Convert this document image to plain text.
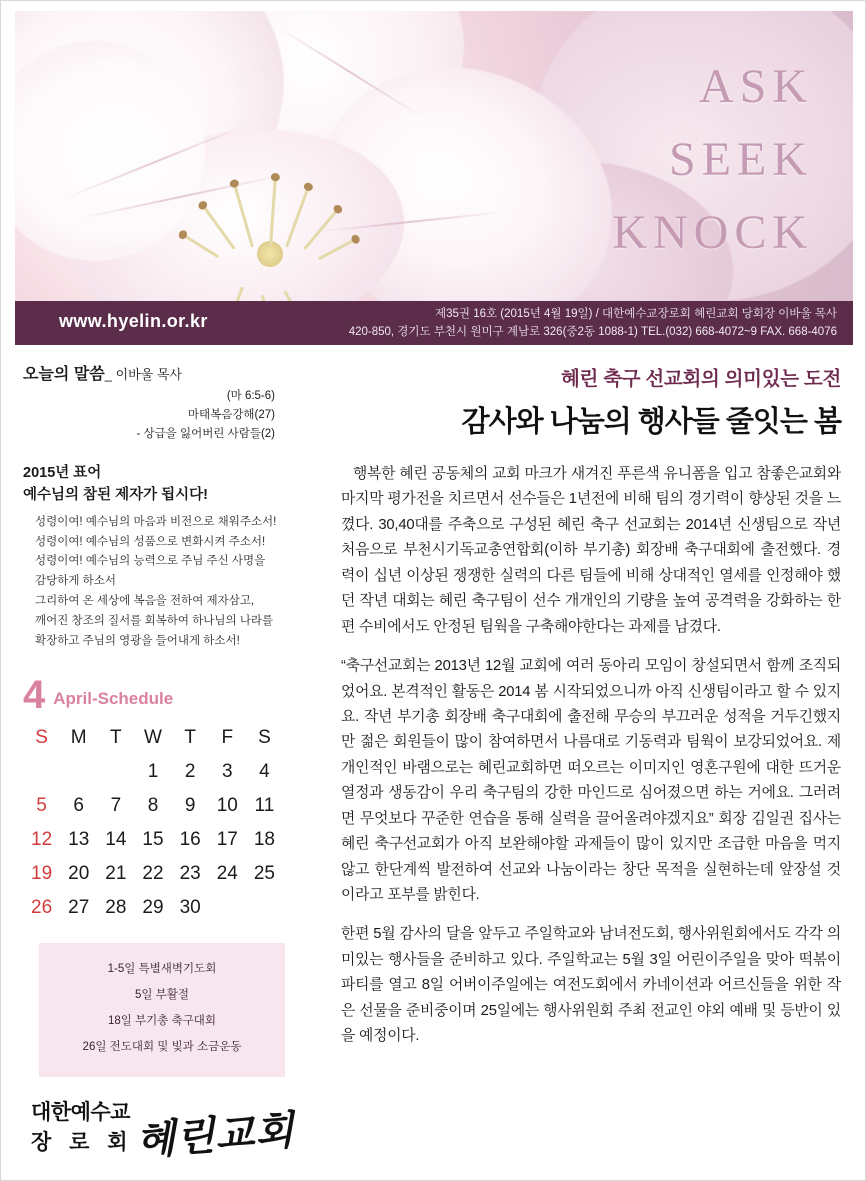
ASK
SEEK
KNOCK
www.hyelin.or.kr	제35권 16호 (2015년 4월 19일) / 대한예수교장로회 혜린교회 당회장 이바울 목사
420-850, 경기도 부천시 원미구 계남로 326(중2동 1088-1) TEL.(032) 668-4072~9 FAX. 668-4076
오늘의 말씀_ 이바울 목사
(마 6:5-6)
마태복음강해(27)
- 상급을 잃어버린 사람들(2)
2015년 표어
예수님의 참된 제자가 됩시다!
성령이여! 예수님의 마음과 비전으로 채워주소서!
성령이여! 예수님의 성품으로 변화시켜 주소서!
성령이여! 예수님의 능력으로 주님 주신 사명을
감당하게 하소서
그리하여 온 세상에 복음을 전하여 제자삼고,
깨어진 창조의 질서를 회복하여 하나님의 나라를
확장하고 주님의 영광을 들어내게 하소서!
4 April-Schedule
S	M	T	W	T	F	S
			1	2	3	4
5	6	7	8	9	10	11
12	13	14	15	16	17	18
19	20	21	22	23	24	25
26	27	28	29	30		
1-5일 특별새벽기도회
5일 부활절
18일 부기총 축구대회
26일 전도대회 및 빛과 소금운동
대한예수교
장 로 회 혜린교회
혜린 축구 선교회의 의미있는 도전
감사와 나눔의 행사들 줄잇는 봄

행복한 혜린 공동체의 교회 마크가 새겨진 푸른색 유니폼을 입고 참좋은교회와 마지막 평가전을 치르면서 선수들은 1년전에 비해 팀의 경기력이 향상된 것을 느꼈다. 30,40대를 주축으로 구성된 혜린 축구 선교회는 2014년 신생팀으로 작년 처음으로 부천시기독교총연합회(이하 부기총) 회장배 축구대회에 출전했다. 경력이 십년 이상된 쟁쟁한 실력의 다른 팀들에 비해 상대적인 열세를 인정해야 했던 작년 대회는 혜린 축구팀이 선수 개개인의 기량을 높여 공격력을 강화하는 한편 수비에서도 안정된 팀웍을 구축해야한다는 과제를 남겼다.

“축구선교회는 2013년 12월 교회에 여러 동아리 모임이 창설되면서 함께 조직되었어요. 본격적인 활동은 2014 봄 시작되었으니까 아직 신생팀이라고 할 수 있지요. 작년 부기총 회장배 축구대회에 출전해 무승의 부끄러운 성적을 거두긴했지만 젊은 회원들이 많이 참여하면서 나름대로 기동력과 팀웍이 보강되었어요. 제 개인적인 바램으로는 혜린교회하면 떠오르는 이미지인 영혼구원에 대한 뜨거운 열정과 생동감이 우리 축구팀의 강한 마인드로 심어졌으면 하는 거에요. 그러려면 무엇보다 꾸준한 연습을 통해 실력을 끌어올려야겠지요” 회장 김일권 집사는 혜린 축구선교회가 아직 보완해야할 과제들이 많이 있지만 조급한 마음을 먹지 않고 한단계씩 발전하여 선교와 나눔이라는 창단 목적을 실현하는데 앞장설 것이라고 포부를 밝힌다.

한편 5월 감사의 달을 앞두고 주일학교와 남녀전도회, 행사위원회에서도 각각 의미있는 행사들을 준비하고 있다. 주일학교는 5월 3일 어린이주일을 맞아 떡볶이 파티를 열고 8일 어버이주일에는 여전도회에서 카네이션과 어르신들을 위한 작은 선물을 준비중이며 25일에는 행사위원회 주최 전교인 야외 예배 및 등반이 있을 예정이다.
